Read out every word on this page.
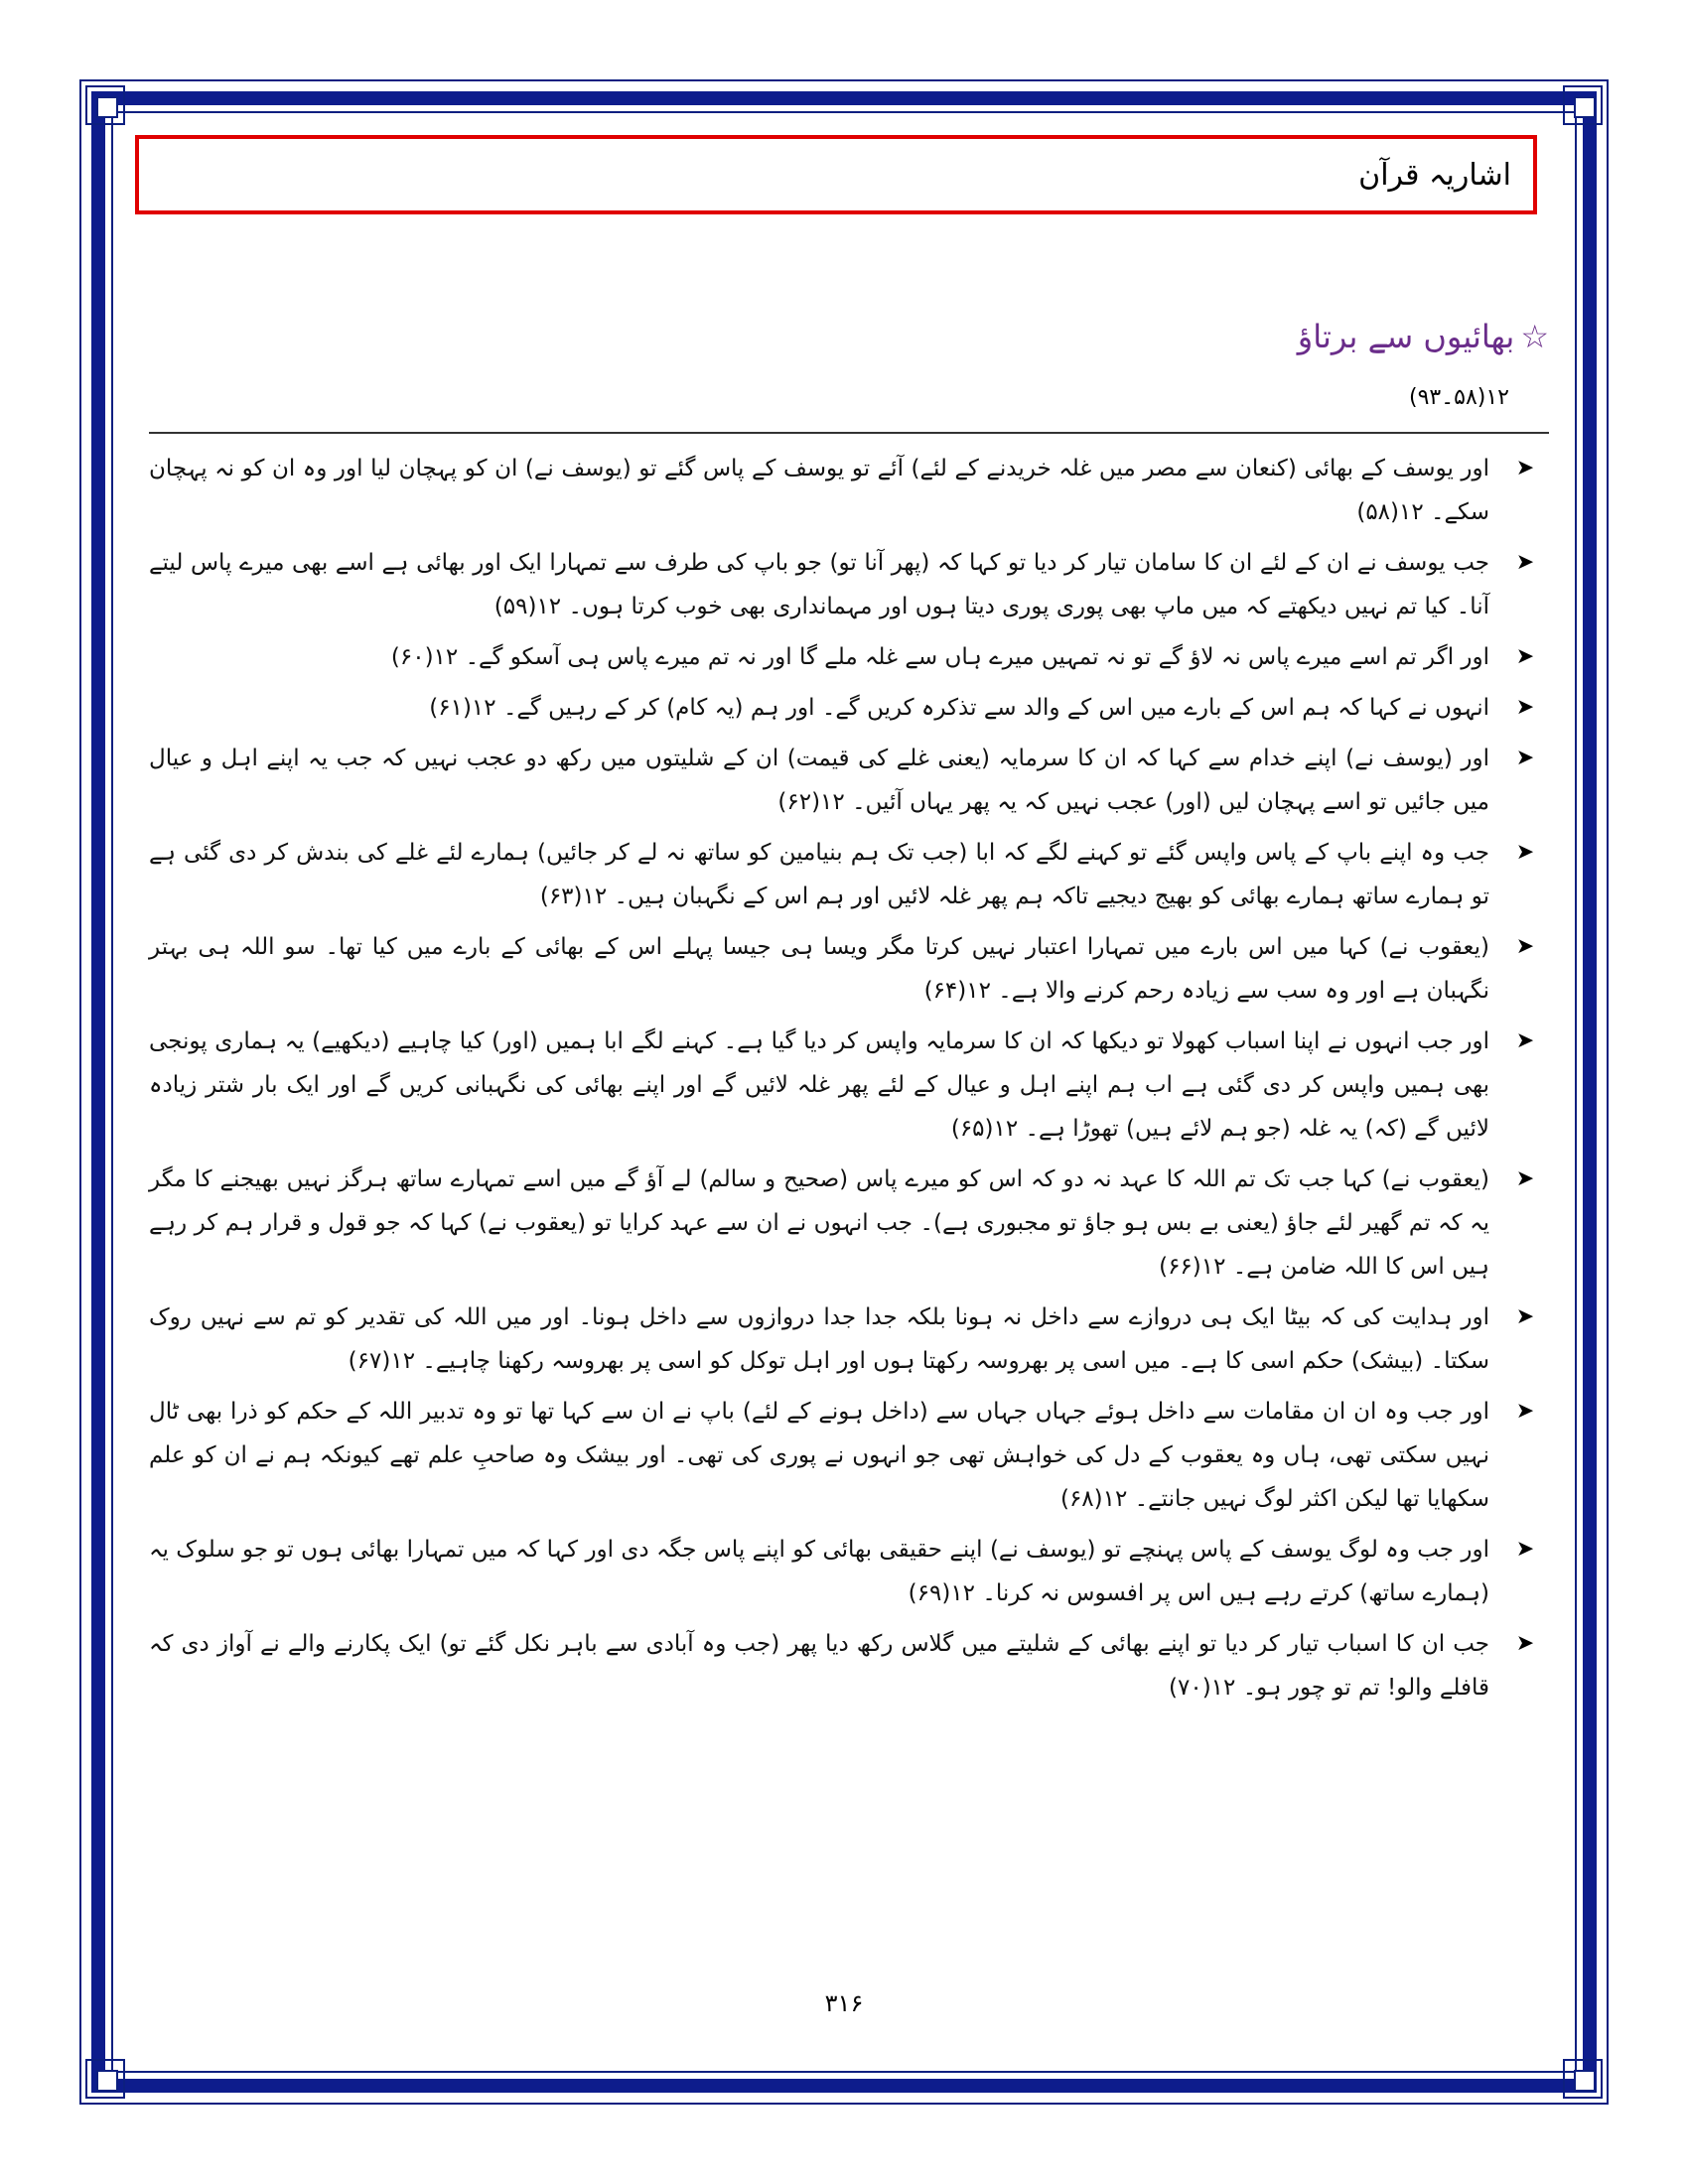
اشاریہ قرآن
☆بھائیوں سے برتاؤ
۱۲(۵۸۔۹۳)
➤
اور یوسف کے بھائی (کنعان سے مصر میں غلہ خریدنے کے لئے) آئے تو یوسف کے پاس گئے تو (یوسف نے) ان کو پہچان لیا اور وہ ان کو نہ پہچان سکے۔ ۱۲(۵۸)
➤
جب یوسف نے ان کے لئے ان کا سامان تیار کر دیا تو کہا کہ (پھر آنا تو) جو باپ کی طرف سے تمہارا ایک اور بھائی ہے اسے بھی میرے پاس لیتے آنا۔ کیا تم نہیں دیکھتے کہ میں ماپ بھی پوری پوری دیتا ہوں اور مہمانداری بھی خوب کرتا ہوں۔ ۱۲(۵۹)
➤
اور اگر تم اسے میرے پاس نہ لاؤ گے تو نہ تمہیں میرے ہاں سے غلہ ملے گا اور نہ تم میرے پاس ہی آسکو گے۔ ۱۲(۶۰)
➤
انہوں نے کہا کہ ہم اس کے بارے میں اس کے والد سے تذکرہ کریں گے۔ اور ہم (یہ کام) کر کے رہیں گے۔ ۱۲(۶۱)
➤
اور (یوسف نے) اپنے خدام سے کہا کہ ان کا سرمایہ (یعنی غلے کی قیمت) ان کے شلیتوں میں رکھ دو عجب نہیں کہ جب یہ اپنے اہل و عیال میں جائیں تو اسے پہچان لیں (اور) عجب نہیں کہ یہ پھر یہاں آئیں۔ ۱۲(۶۲)
➤
جب وہ اپنے باپ کے پاس واپس گئے تو کہنے لگے کہ ابا (جب تک ہم بنیامین کو ساتھ نہ لے کر جائیں) ہمارے لئے غلے کی بندش کر دی گئی ہے تو ہمارے ساتھ ہمارے بھائی کو بھیج دیجیے تاکہ ہم پھر غلہ لائیں اور ہم اس کے نگہبان ہیں۔ ۱۲(۶۳)
➤
(یعقوب نے) کہا میں اس بارے میں تمہارا اعتبار نہیں کرتا مگر ویسا ہی جیسا پہلے اس کے بھائی کے بارے میں کیا تھا۔ سو اللہ ہی بہتر نگہبان ہے اور وہ سب سے زیادہ رحم کرنے والا ہے۔ ۱۲(۶۴)
➤
اور جب انہوں نے اپنا اسباب کھولا تو دیکھا کہ ان کا سرمایہ واپس کر دیا گیا ہے۔ کہنے لگے ابا ہمیں (اور) کیا چاہیے (دیکھیے) یہ ہماری پونجی بھی ہمیں واپس کر دی گئی ہے اب ہم اپنے اہل و عیال کے لئے پھر غلہ لائیں گے اور اپنے بھائی کی نگہبانی کریں گے اور ایک بار شتر زیادہ لائیں گے (کہ) یہ غلہ (جو ہم لائے ہیں) تھوڑا ہے۔ ۱۲(۶۵)
➤
(یعقوب نے) کہا جب تک تم اللہ کا عہد نہ دو کہ اس کو میرے پاس (صحیح و سالم) لے آؤ گے میں اسے تمہارے ساتھ ہرگز نہیں بھیجنے کا مگر یہ کہ تم گھیر لئے جاؤ (یعنی بے بس ہو جاؤ تو مجبوری ہے)۔ جب انہوں نے ان سے عہد کرایا تو (یعقوب نے) کہا کہ جو قول و قرار ہم کر رہے ہیں اس کا اللہ ضامن ہے۔ ۱۲(۶۶)
➤
اور ہدایت کی کہ بیٹا ایک ہی دروازے سے داخل نہ ہونا بلکہ جدا جدا دروازوں سے داخل ہونا۔ اور میں اللہ کی تقدیر کو تم سے نہیں روک سکتا۔ (بیشک) حکم اسی کا ہے۔ میں اسی پر بھروسہ رکھتا ہوں اور اہل توکل کو اسی پر بھروسہ رکھنا چاہیے۔ ۱۲(۶۷)
➤
اور جب وہ ان ان مقامات سے داخل ہوئے جہاں جہاں سے (داخل ہونے کے لئے) باپ نے ان سے کہا تھا تو وہ تدبیر اللہ کے حکم کو ذرا بھی ٹال نہیں سکتی تھی، ہاں وہ یعقوب کے دل کی خواہش تھی جو انہوں نے پوری کی تھی۔ اور بیشک وہ صاحبِ علم تھے کیونکہ ہم نے ان کو علم سکھایا تھا لیکن اکثر لوگ نہیں جانتے۔ ۱۲(۶۸)
➤
اور جب وہ لوگ یوسف کے پاس پہنچے تو (یوسف نے) اپنے حقیقی بھائی کو اپنے پاس جگہ دی اور کہا کہ میں تمہارا بھائی ہوں تو جو سلوک یہ (ہمارے ساتھ) کرتے رہے ہیں اس پر افسوس نہ کرنا۔ ۱۲(۶۹)
➤
جب ان کا اسباب تیار کر دیا تو اپنے بھائی کے شلیتے میں گلاس رکھ دیا پھر (جب وہ آبادی سے باہر نکل گئے تو) ایک پکارنے والے نے آواز دی کہ قافلے والو! تم تو چور ہو۔ ۱۲(۷۰)
۳۱۶
